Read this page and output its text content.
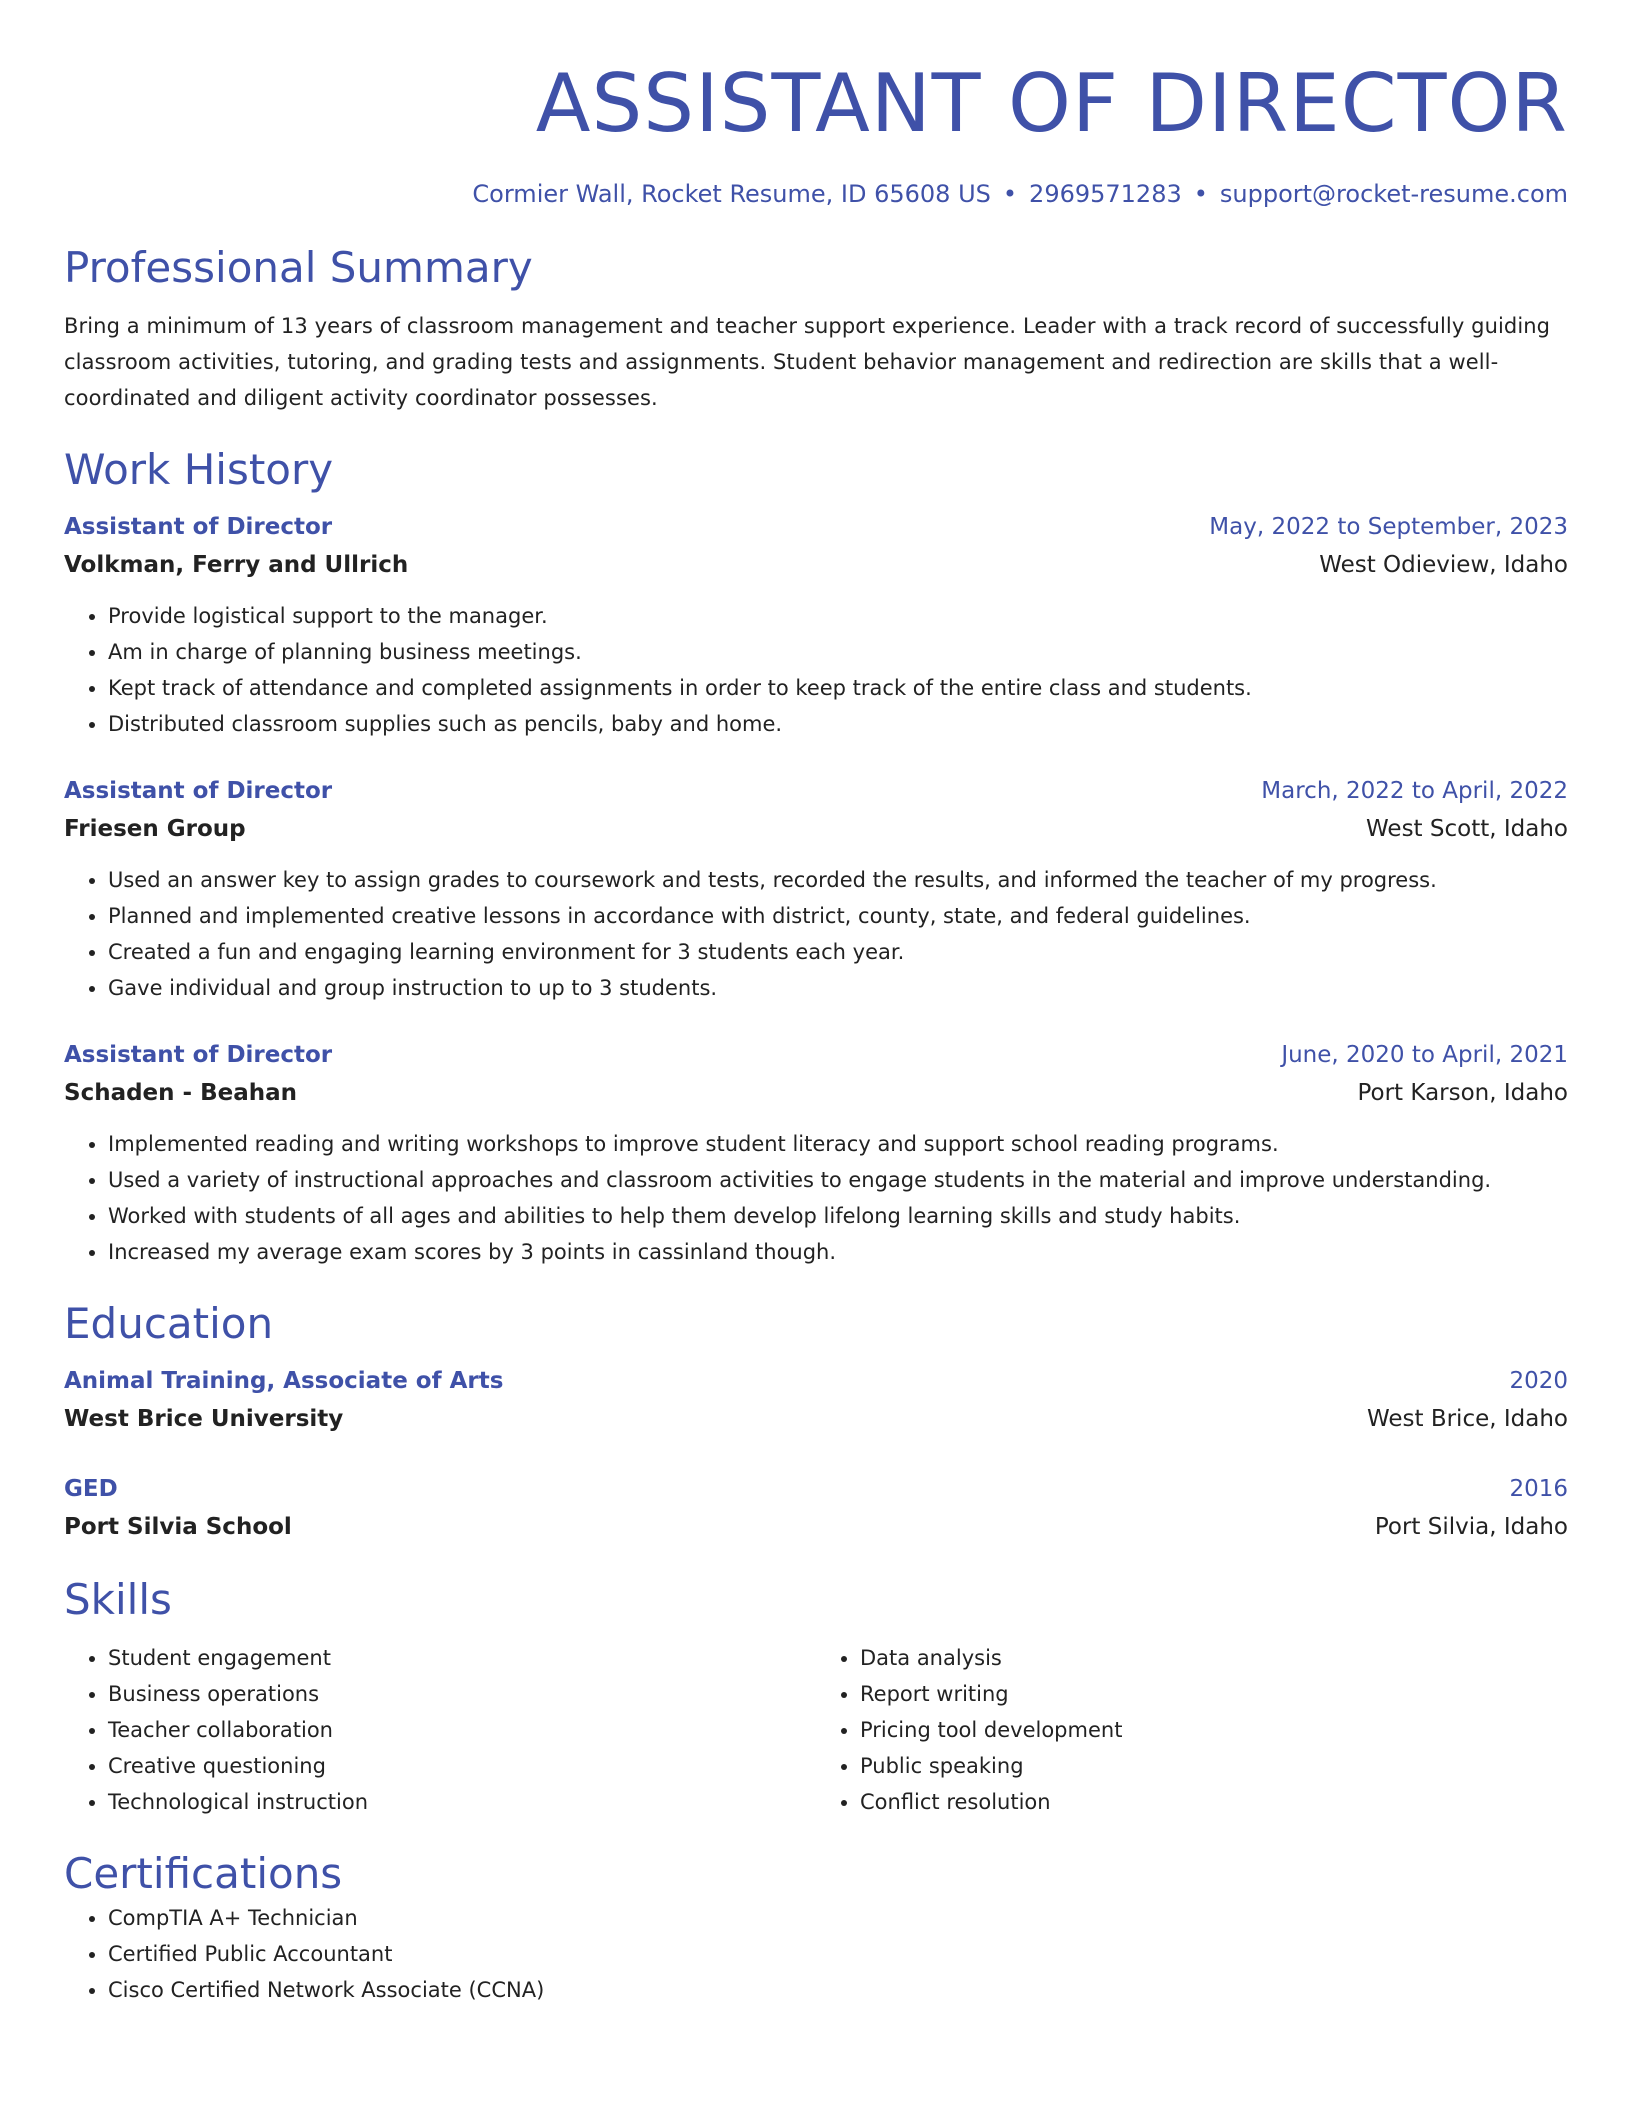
ASSISTANT OF DIRECTOR
Cormier Wall, Rocket Resume, ID 65608 US • 2969571283 • support@rocket-resume.com
Professional Summary
Bring a minimum of 13 years of classroom management and teacher support experience. Leader with a track record of successfully guiding classroom activities, tutoring, and grading tests and assignments. Student behavior management and redirection are skills that a well-coordinated and diligent activity coordinator possesses.
Work History
Assistant of Director	May, 2022 to September, 2023
Volkman, Ferry and Ullrich	West Odieview, Idaho
• Provide logistical support to the manager.
• Am in charge of planning business meetings.
• Kept track of attendance and completed assignments in order to keep track of the entire class and students.
• Distributed classroom supplies such as pencils, baby and home.
Assistant of Director	March, 2022 to April, 2022
Friesen Group	West Scott, Idaho
• Used an answer key to assign grades to coursework and tests, recorded the results, and informed the teacher of my progress.
• Planned and implemented creative lessons in accordance with district, county, state, and federal guidelines.
• Created a fun and engaging learning environment for 3 students each year.
• Gave individual and group instruction to up to 3 students.
Assistant of Director	June, 2020 to April, 2021
Schaden - Beahan	Port Karson, Idaho
• Implemented reading and writing workshops to improve student literacy and support school reading programs.
• Used a variety of instructional approaches and classroom activities to engage students in the material and improve understanding.
• Worked with students of all ages and abilities to help them develop lifelong learning skills and study habits.
• Increased my average exam scores by 3 points in cassinland though.
Education
Animal Training, Associate of Arts	2020
West Brice University	West Brice, Idaho
GED	2016
Port Silvia School	Port Silvia, Idaho
Skills
• Student engagement
• Business operations
• Teacher collaboration
• Creative questioning
• Technological instruction
• Data analysis
• Report writing
• Pricing tool development
• Public speaking
• Conflict resolution
Certifications
• CompTIA A+ Technician
• Certified Public Accountant
• Cisco Certified Network Associate (CCNA)
